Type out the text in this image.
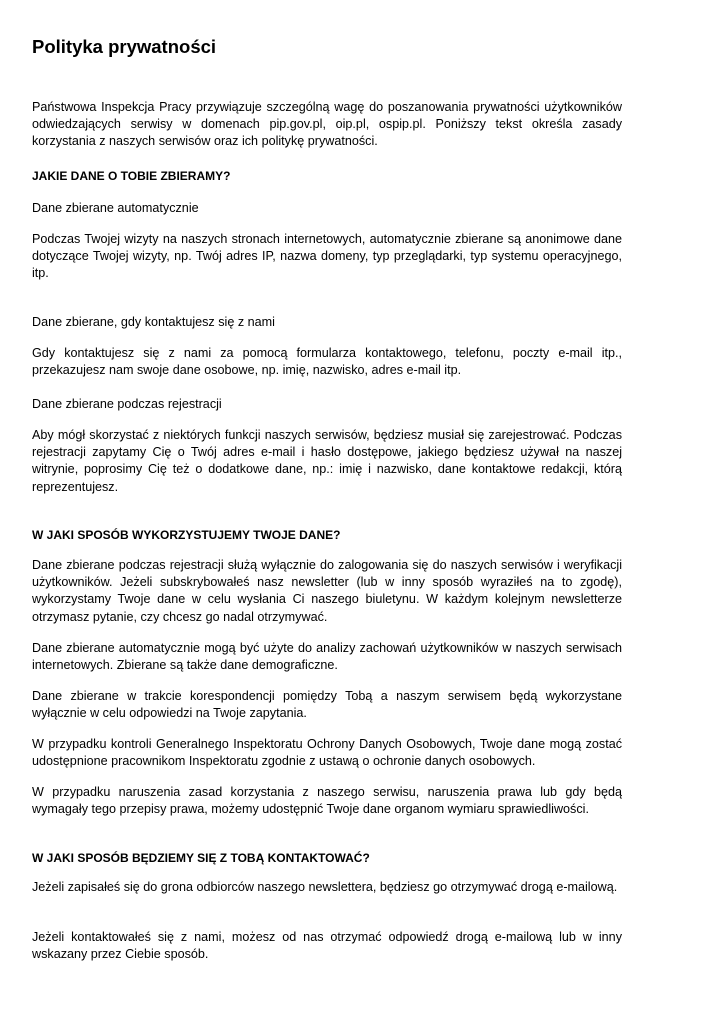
Polityka prywatności

Państwowa Inspekcja Pracy przywiązuje szczególną wagę do poszanowania prywatności użytkowników odwiedzających serwisy w domenach pip.gov.pl, oip.pl, ospip.pl. Poniższy tekst określa zasady korzystania z naszych serwisów oraz ich politykę prywatności.

JAKIE DANE O TOBIE ZBIERAMY?

Dane zbierane automatycznie

Podczas Twojej wizyty na naszych stronach internetowych, automatycznie zbierane są anonimowe dane dotyczące Twojej wizyty, np. Twój adres IP, nazwa domeny, typ przeglądarki, typ systemu operacyjnego, itp.

Dane zbierane, gdy kontaktujesz się z nami

Gdy kontaktujesz się z nami za pomocą formularza kontaktowego, telefonu, poczty e-mail itp., przekazujesz nam swoje dane osobowe, np. imię, nazwisko, adres e-mail itp.

Dane zbierane podczas rejestracji

Aby mógł skorzystać z niektórych funkcji naszych serwisów, będziesz musiał się zarejestrować. Podczas rejestracji zapytamy Cię o Twój adres e-mail i hasło dostępowe, jakiego będziesz używał na naszej witrynie, poprosimy Cię też o dodatkowe dane, np.: imię i nazwisko, dane kontaktowe redakcji, którą reprezentujesz.

W JAKI SPOSÓB WYKORZYSTUJEMY TWOJE DANE?

Dane zbierane podczas rejestracji służą wyłącznie do zalogowania się do naszych serwisów i weryfikacji użytkowników. Jeżeli subskrybowałeś nasz newsletter (lub w inny sposób wyraziłeś na to zgodę), wykorzystamy Twoje dane w celu wysłania Ci naszego biuletynu. W każdym kolejnym newsletterze otrzymasz pytanie, czy chcesz go nadal otrzymywać.

Dane zbierane automatycznie mogą być użyte do analizy zachowań użytkowników w naszych serwisach internetowych. Zbierane są także dane demograficzne.

Dane zbierane w trakcie korespondencji pomiędzy Tobą a naszym serwisem będą wykorzystane wyłącznie w celu odpowiedzi na Twoje zapytania.

W przypadku kontroli Generalnego Inspektoratu Ochrony Danych Osobowych, Twoje dane mogą zostać udostępnione pracownikom Inspektoratu zgodnie z ustawą o ochronie danych osobowych.

W przypadku naruszenia zasad korzystania z naszego serwisu, naruszenia prawa lub gdy będą wymagały tego przepisy prawa, możemy udostępnić Twoje dane organom wymiaru sprawiedliwości.

W JAKI SPOSÓB BĘDZIEMY SIĘ Z TOBĄ KONTAKTOWAĆ?

Jeżeli zapisałeś się do grona odbiorców naszego newslettera, będziesz go otrzymywać drogą e-mailową.

Jeżeli kontaktowałeś się z nami, możesz od nas otrzymać odpowiedź drogą e-mailową lub w inny wskazany przez Ciebie sposób.
